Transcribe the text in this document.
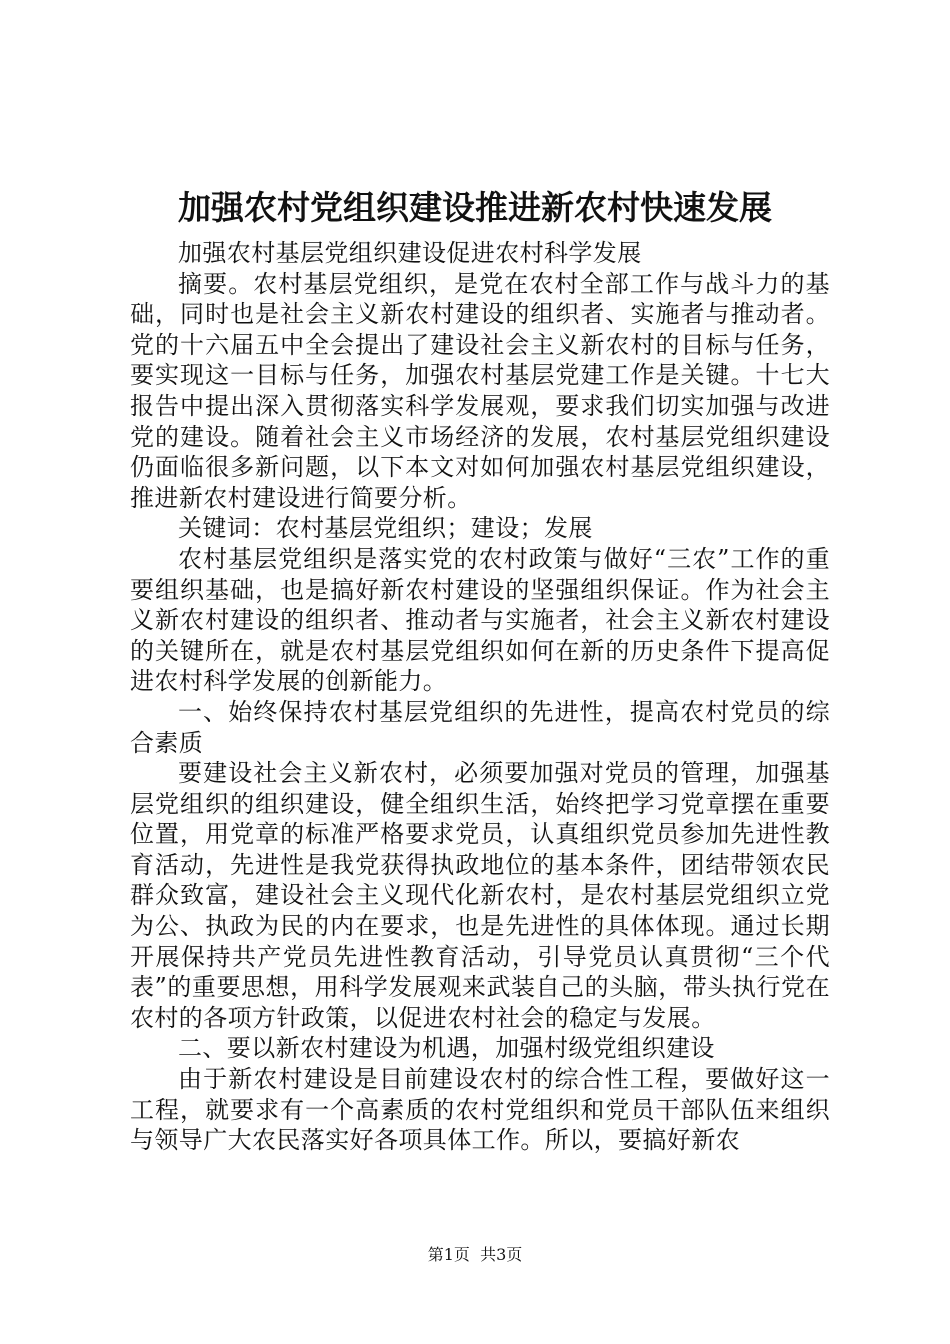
加强农村党组织建设推进新农村快速发展

加强农村基层党组织建设促进农村科学发展

摘要。农村基层党组织，是党在农村全部工作与战斗力的基础，同时也是社会主义新农村建设的组织者、实施者与推动者。党的十六届五中全会提出了建设社会主义新农村的目标与任务，要实现这一目标与任务，加强农村基层党建工作是关键。十七大报告中提出深入贯彻落实科学发展观，要求我们切实加强与改进党的建设。随着社会主义市场经济的发展，农村基层党组织建设仍面临很多新问题，以下本文对如何加强农村基层党组织建设，推进新农村建设进行简要分析。

关键词：农村基层党组织；建设；发展

农村基层党组织是落实党的农村政策与做好“三农”工作的重要组织基础，也是搞好新农村建设的坚强组织保证。作为社会主义新农村建设的组织者、推动者与实施者，社会主义新农村建设的关键所在，就是农村基层党组织如何在新的历史条件下提高促进农村科学发展的创新能力。

一、始终保持农村基层党组织的先进性，提高农村党员的综合素质

要建设社会主义新农村，必须要加强对党员的管理，加强基层党组织的组织建设，健全组织生活，始终把学习党章摆在重要位置，用党章的标准严格要求党员，认真组织党员参加先进性教育活动，先进性是我党获得执政地位的基本条件，团结带领农民群众致富，建设社会主义现代化新农村，是农村基层党组织立党为公、执政为民的内在要求，也是先进性的具体体现。通过长期开展保持共产党员先进性教育活动，引导党员认真贯彻“三个代表”的重要思想，用科学发展观来武装自己的头脑，带头执行党在农村的各项方针政策，以促进农村社会的稳定与发展。

二、要以新农村建设为机遇，加强村级党组织建设

由于新农村建设是目前建设农村的综合性工程，要做好这一工程，就要求有一个高素质的农村党组织和党员干部队伍来组织与领导广大农民落实好各项具体工作。所以，要搞好新农

第1页 共3页
